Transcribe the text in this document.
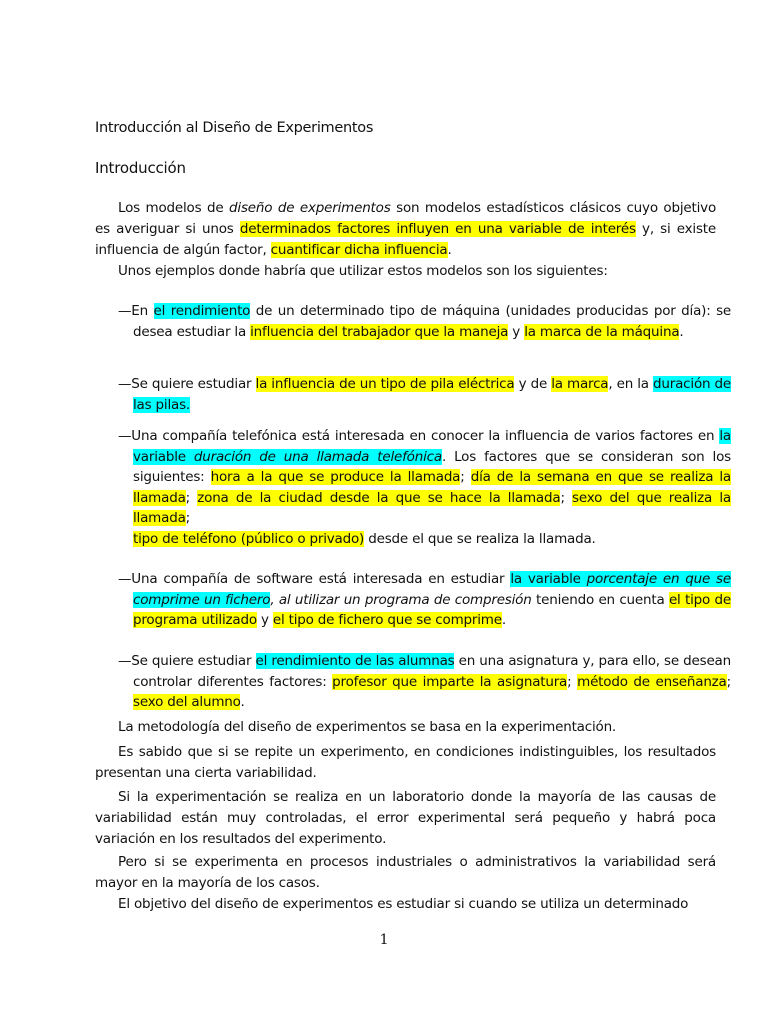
Introducción al Diseño de Experimentos
Introducción
Los modelos de diseño de experimentos son modelos estadísticos clásicos cuyo objetivo es averiguar si unos determinados factores influyen en una variable de interés y, si existe influencia de algún factor, cuantificar dicha influencia.
Unos ejemplos donde habría que utilizar estos modelos son los siguientes:
—En el rendimiento de un determinado tipo de máquina (unidades producidas por día): se desea estudiar la influencia del trabajador que la maneja y la marca de la máquina.
—Se quiere estudiar la influencia de un tipo de pila eléctrica y de la marca, en la duración de las pilas.
—Una compañía telefónica está interesada en conocer la influencia de varios factores en la variable duración de una llamada telefónica. Los factores que se consideran son los siguientes: hora a la que se produce la llamada; día de la semana en que se realiza la llamada; zona de la ciudad desde la que se hace la llamada; sexo del que realiza la llamada;
tipo de teléfono (público o privado) desde el que se realiza la llamada.
—Una compañía de software está interesada en estudiar la variable porcentaje en que se comprime un fichero, al utilizar un programa de compresión teniendo en cuenta el tipo de programa utilizado y el tipo de fichero que se comprime.
—Se quiere estudiar el rendimiento de las alumnas en una asignatura y, para ello, se desean controlar diferentes factores: profesor que imparte la asignatura; método de enseñanza; sexo del alumno.
La metodología del diseño de experimentos se basa en la experimentación.
Es sabido que si se repite un experimento, en condiciones indistinguibles, los resultados presentan una cierta variabilidad.
Si la experimentación se realiza en un laboratorio donde la mayoría de las causas de variabilidad están muy controladas, el error experimental será pequeño y habrá poca variación en los resultados del experimento.
Pero si se experimenta en procesos industriales o administrativos la variabilidad será mayor en la mayoría de los casos.
El objetivo del diseño de experimentos es estudiar si cuando se utiliza un determinado
1
